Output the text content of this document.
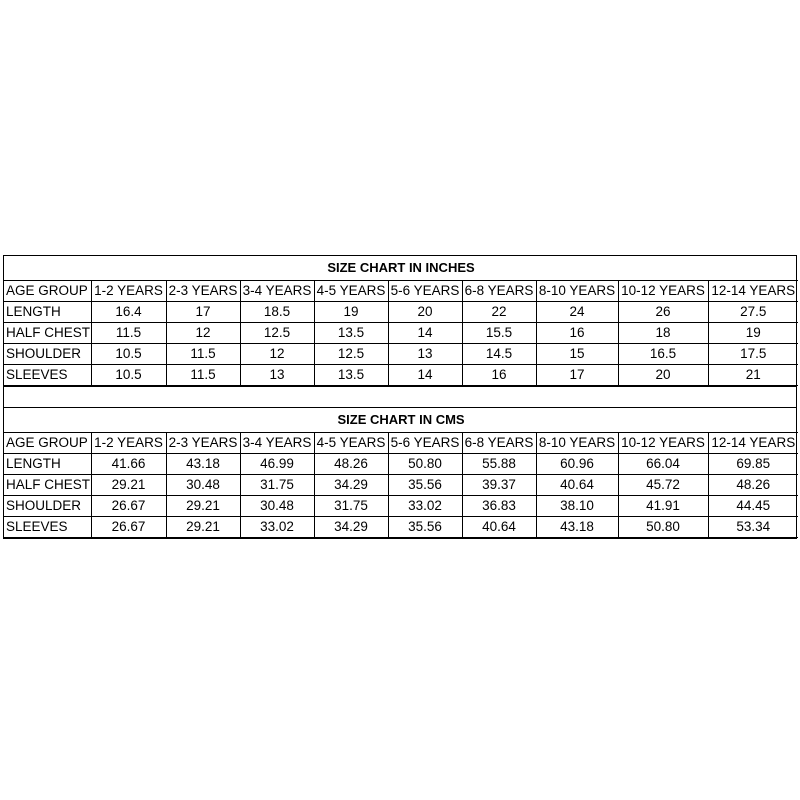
SIZE CHART IN INCHES									
AGE GROUP	1-2 YEARS	2-3 YEARS	3-4 YEARS	4-5 YEARS	5-6 YEARS	6-8 YEARS	8-10 YEARS	10-12 YEARS	12-14 YEARS
LENGTH	16.4	17	18.5	19	20	22	24	26	27.5
HALF CHEST	11.5	12	12.5	13.5	14	15.5	16	18	19
SHOULDER	10.5	11.5	12	12.5	13	14.5	15	16.5	17.5
SLEEVES	10.5	11.5	13	13.5	14	16	17	20	21
SIZE CHART IN CMS									
AGE GROUP	1-2 YEARS	2-3 YEARS	3-4 YEARS	4-5 YEARS	5-6 YEARS	6-8 YEARS	8-10 YEARS	10-12 YEARS	12-14 YEARS
LENGTH	41.66	43.18	46.99	48.26	50.80	55.88	60.96	66.04	69.85
HALF CHEST	29.21	30.48	31.75	34.29	35.56	39.37	40.64	45.72	48.26
SHOULDER	26.67	29.21	30.48	31.75	33.02	36.83	38.10	41.91	44.45
SLEEVES	26.67	29.21	33.02	34.29	35.56	40.64	43.18	50.80	53.34
